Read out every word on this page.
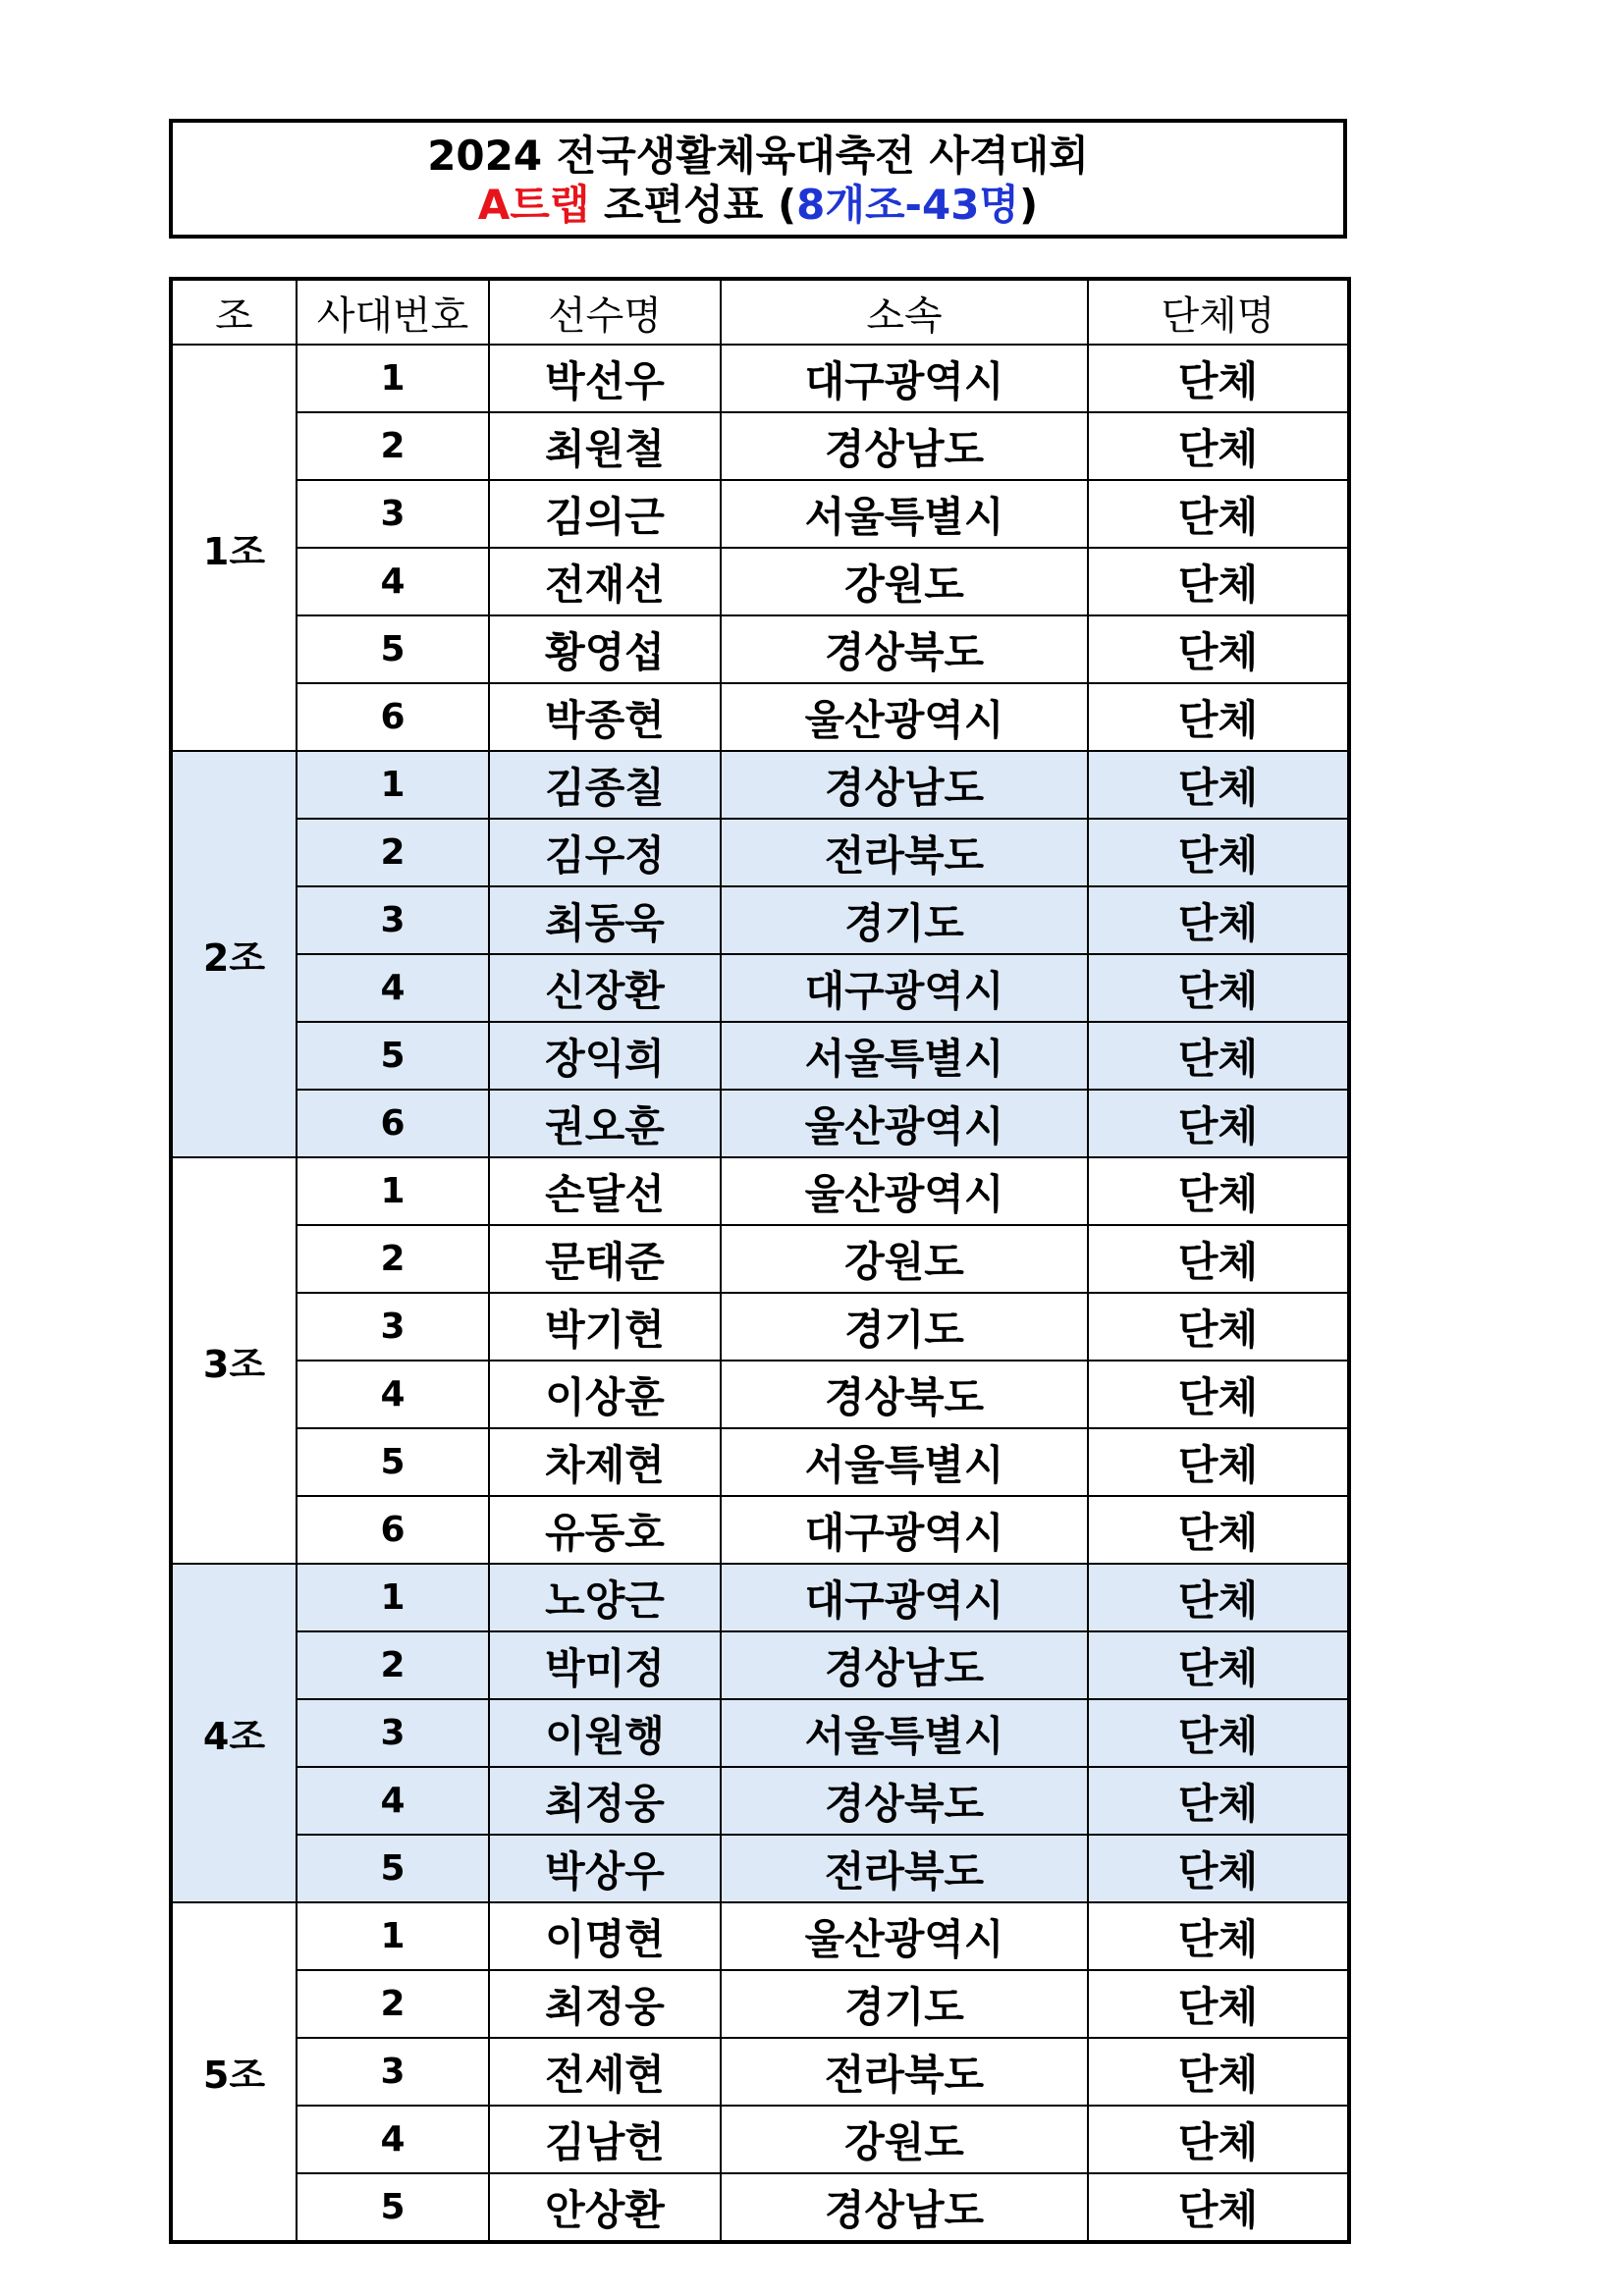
2024 전국생활체육대축전 사격대회
A트랩 조편성표 (8개조-43명)
조	사대번호	선수명	소속	단체명
1조	1	박선우	대구광역시	단체
	2	최원철	경상남도	단체
	3	김의근	서울특별시	단체
	4	전재선	강원도	단체
	5	황영섭	경상북도	단체
	6	박종현	울산광역시	단체
2조	1	김종칠	경상남도	단체
	2	김우정	전라북도	단체
	3	최동욱	경기도	단체
	4	신장환	대구광역시	단체
	5	장익희	서울특별시	단체
	6	권오훈	울산광역시	단체
3조	1	손달선	울산광역시	단체
	2	문태준	강원도	단체
	3	박기현	경기도	단체
	4	이상훈	경상북도	단체
	5	차제현	서울특별시	단체
	6	유동호	대구광역시	단체
4조	1	노양근	대구광역시	단체
	2	박미정	경상남도	단체
	3	이원행	서울특별시	단체
	4	최정웅	경상북도	단체
	5	박상우	전라북도	단체
5조	1	이명현	울산광역시	단체
	2	최정웅	경기도	단체
	3	전세현	전라북도	단체
	4	김남헌	강원도	단체
	5	안상환	경상남도	단체
